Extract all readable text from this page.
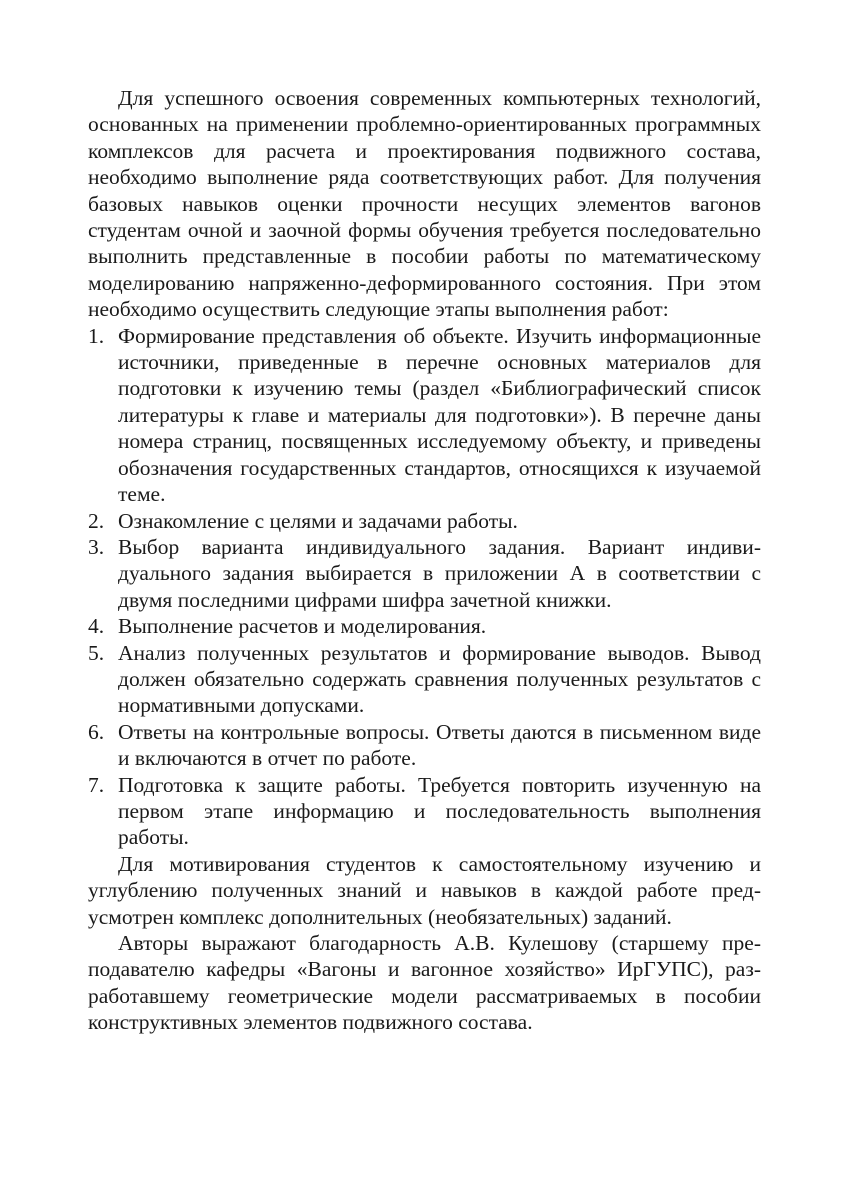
Для успешного освоения современных компьютерных технологий, основанных на применении проблемно-ориентированных программных комплексов для расчета и проектирования подвижного состава, необходимо выполнение ряда соответствующих работ. Для получения базовых навыков оценки прочности несущих элементов вагонов студентам очной и заочной формы обучения требуется последовательно выполнить представленные в пособии работы по математическому моделированию напряженно-деформированного состояния. При этом необходимо осуществить следующие этапы выполнения работ:

1. Формирование представления об объекте. Изучить информационные источники, приведенные в перечне основных материалов для подготовки к изучению темы (раздел «Библиографический список литературы к главе и материалы для подготовки»). В перечне даны номера страниц, посвященных исследуемому объекту, и приведены обозначения государственных стандартов, относящихся к изучаемой теме.
2. Ознакомление с целями и задачами работы.
3. Выбор варианта индивидуального задания. Вариант индивидуального задания выбирается в приложении А в соответствии с двумя последними цифрами шифра зачетной книжки.
4. Выполнение расчетов и моделирования.
5. Анализ полученных результатов и формирование выводов. Вывод должен обязательно содержать сравнения полученных результатов с нормативными допусками.
6. Ответы на контрольные вопросы. Ответы даются в письменном виде и включаются в отчет по работе.
7. Подготовка к защите работы. Требуется повторить изученную на первом этапе информацию и последовательность выполнения работы.

Для мотивирования студентов к самостоятельному изучению и углублению полученных знаний и навыков в каждой работе предусмотрен комплекс дополнительных (необязательных) заданий.

Авторы выражают благодарность А.В. Кулешову (старшему преподавателю кафедры «Вагоны и вагонное хозяйство» ИрГУПС), разработавшему геометрические модели рассматриваемых в пособии конструктивных элементов подвижного состава.
